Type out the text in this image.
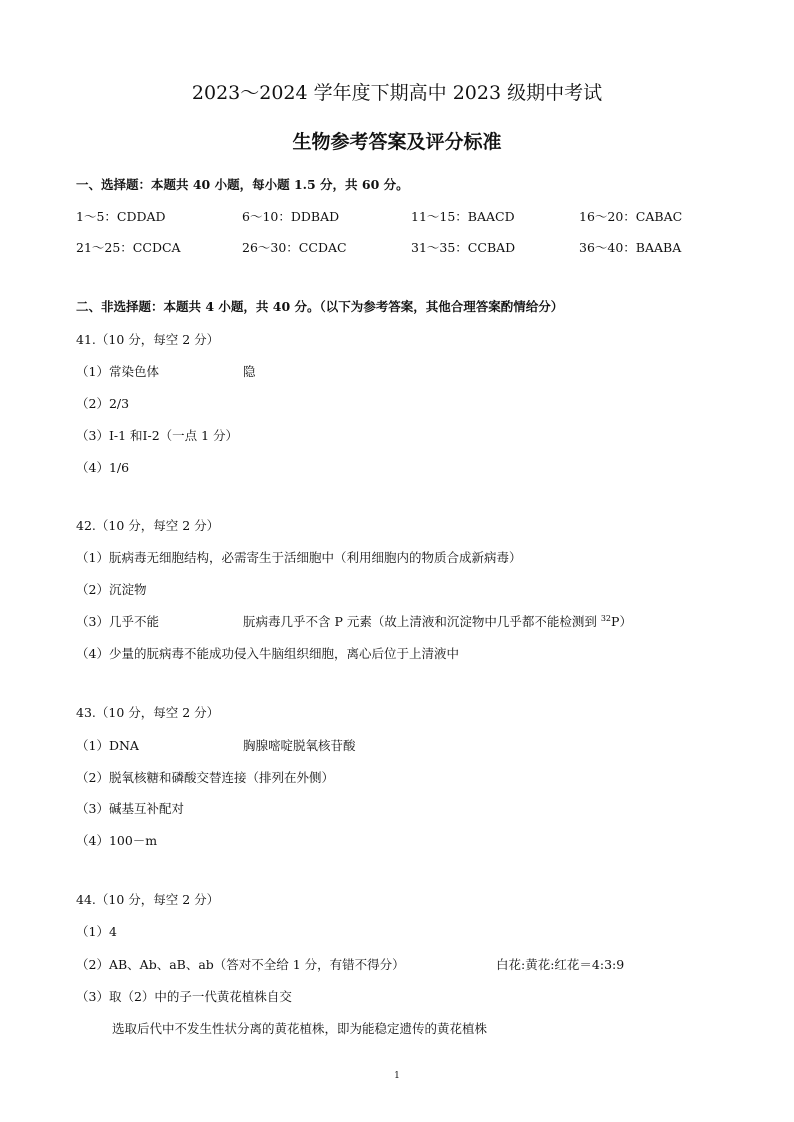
2023～2024 学年度下期高中 2023 级期中考试
生物参考答案及评分标准
一、选择题：本题共 40 小题，每小题 1.5 分，共 60 分。
1～5：CDDAD	6～10：DDBAD	11～15：BAACD	16～20：CABAC
21～25：CCDCA	26～30：CCDAC	31～35：CCBAD	36～40：BAABA
二、非选择题：本题共 4 小题，共 40 分。（以下为参考答案，其他合理答案酌情给分）
41.（10 分，每空 2 分）
（1）常染色体	隐
（2）2/3
（3）Ⅰ-1 和Ⅰ-2（一点 1 分）
（4）1/6
42.（10 分，每空 2 分）
（1）朊病毒无细胞结构，必需寄生于活细胞中（利用细胞内的物质合成新病毒）
（2）沉淀物
（3）几乎不能	朊病毒几乎不含 P 元素（故上清液和沉淀物中几乎都不能检测到 $^{32}$P）
（4）少量的朊病毒不能成功侵入牛脑组织细胞，离心后位于上清液中
43.（10 分，每空 2 分）
（1）DNA	胸腺嘧啶脱氧核苷酸
（2）脱氧核糖和磷酸交替连接（排列在外侧）
（3）碱基互补配对
（4）100－m
44.（10 分，每空 2 分）
（1）4
（2）AB、Ab、aB、ab（答对不全给 1 分，有错不得分）	白花:黄花:红花＝4:3:9
（3）取（2）中的子一代黄花植株自交
选取后代中不发生性状分离的黄花植株，即为能稳定遗传的黄花植株
1
